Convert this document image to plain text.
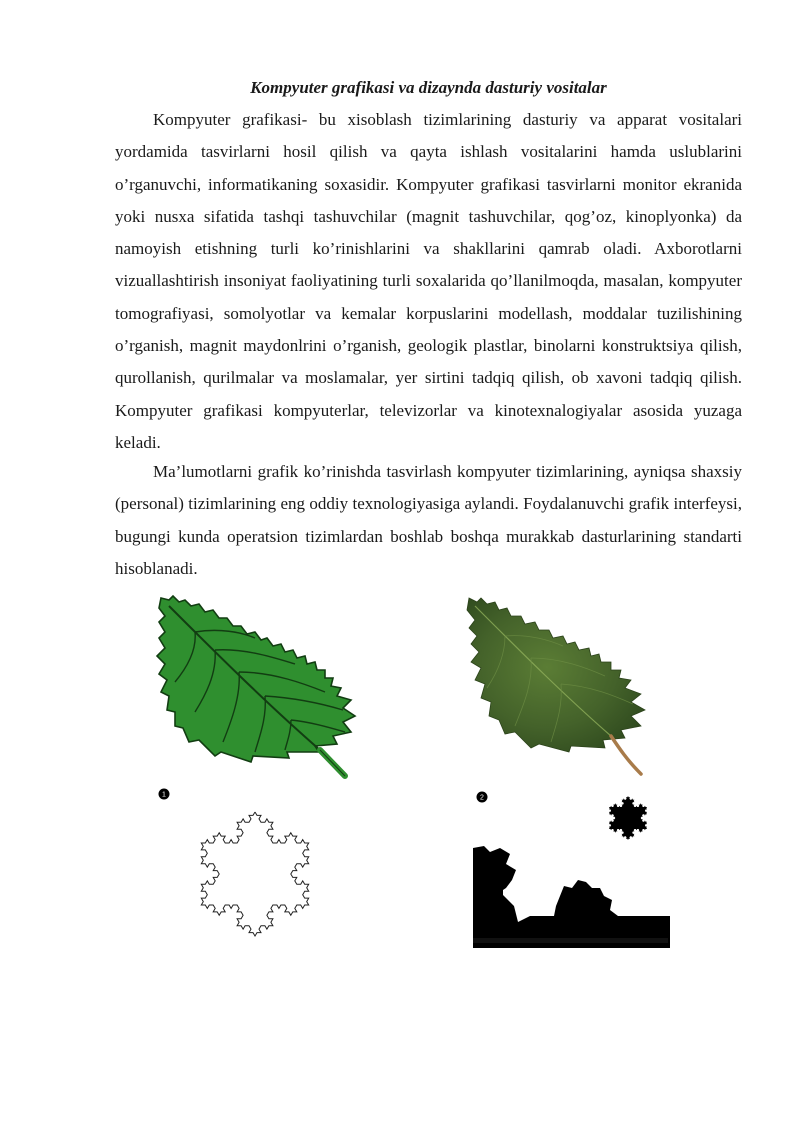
Kompyuter grafikasi va dizaynda dasturiy vositalar

Kompyuter grafikasi- bu xisoblash tizimlarining dasturiy va apparat vositalari yordamida tasvirlarni hosil qilish va qayta ishlash vositalarini hamda uslublarini o’rganuvchi, informatikaning soxasidir. Kompyuter grafikasi tasvirlarni monitor ekranida yoki nusxa sifatida tashqi tashuvchilar (magnit tashuvchilar, qog’oz, kinoplyonka) da namoyish etishning turli ko’rinishlarini va shakllarini qamrab oladi. Axborotlarni vizuallashtirish insoniyat faoliyatining turli soxalarida qo’llanilmoqda, masalan, kompyuter tomografiyasi, somolyotlar va kemalar korpuslarini modellash, moddalar tuzilishining o’rganish, magnit maydonlrini o’rganish, geologik plastlar, binolarni konstruktsiya qilish, qurollanish, qurilmalar va moslamalar, yer sirtini tadqiq qilish, ob xavoni tadqiq qilish. Kompyuter grafikasi kompyuterlar, televizorlar va kinotexnalogiyalar asosida yuzaga keladi.

Ma’lumotlarni grafik ko’rinishda tasvirlash kompyuter tizimlarining, ayniqsa shaxsiy (personal) tizimlarining eng oddiy texnologiyasiga aylandi. Foydalanuvchi grafik interfeysi, bugungi kunda operatsion tizimlardan boshlab boshqa murakkab dasturlarining standarti hisoblanadi.

1	2
